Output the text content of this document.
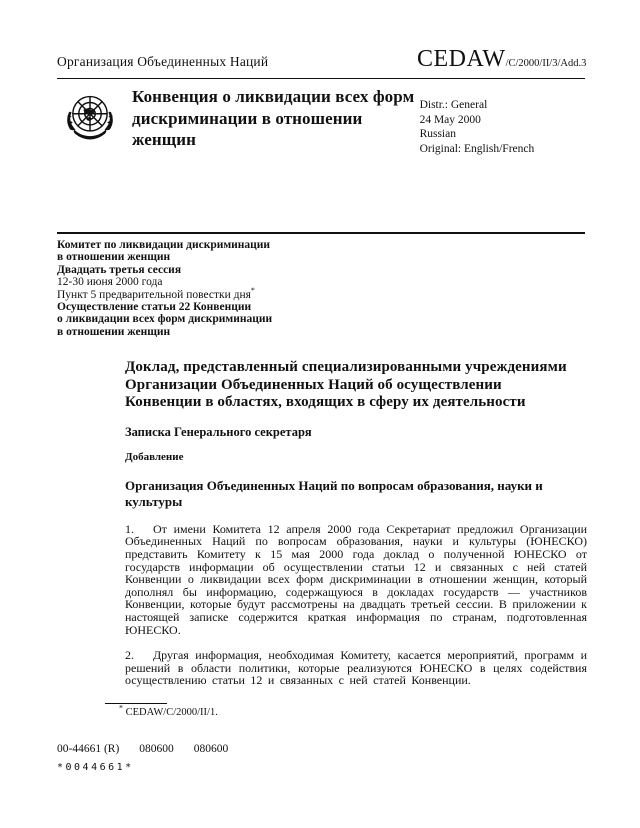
Организация Объединенных Наций	CEDAW/C/2000/II/3/Add.3
Конвенция о ликвидации всех форм дискриминации в отношении женщин
Distr.: General
24 May 2000
Russian
Original: English/French
Комитет по ликвидации дискриминации
в отношении женщин
Двадцать третья сессия
12-30 июня 2000 года
Пункт 5 предварительной повестки дня*
Осуществление статьи 22 Конвенции
о ликвидации всех форм дискриминации
в отношении женщин
Доклад, представленный специализированными учреждениями Организации Объединенных Наций об осуществлении Конвенции в областях, входящих в сферу их деятельности
Записка Генерального секретаря
Добавление
Организация Объединенных Наций по вопросам образования, науки и культуры
1. От имени Комитета 12 апреля 2000 года Секретариат предложил Организации Объединенных Наций по вопросам образования, науки и культуры (ЮНЕСКО) представить Комитету к 15 мая 2000 года доклад о полученной ЮНЕСКО от государств информации об осуществлении статьи 12 и связанных с ней статей Конвенции о ликвидации всех форм дискриминации в отношении женщин, который дополнял бы информацию, содержащуюся в докладах государств — участников Конвенции, которые будут рассмотрены на двадцать третьей сессии. В приложении к настоящей записке содержится краткая информация по странам, подготовленная ЮНЕСКО.
2. Другая информация, необходимая Комитету, касается мероприятий, программ и решений в области политики, которые реализуются ЮНЕСКО в целях содействия осуществлению статьи 12 и связанных с ней статей Конвенции.
* CEDAW/C/2000/II/1.
00-44661 (R) 080600 080600
*0044661*
